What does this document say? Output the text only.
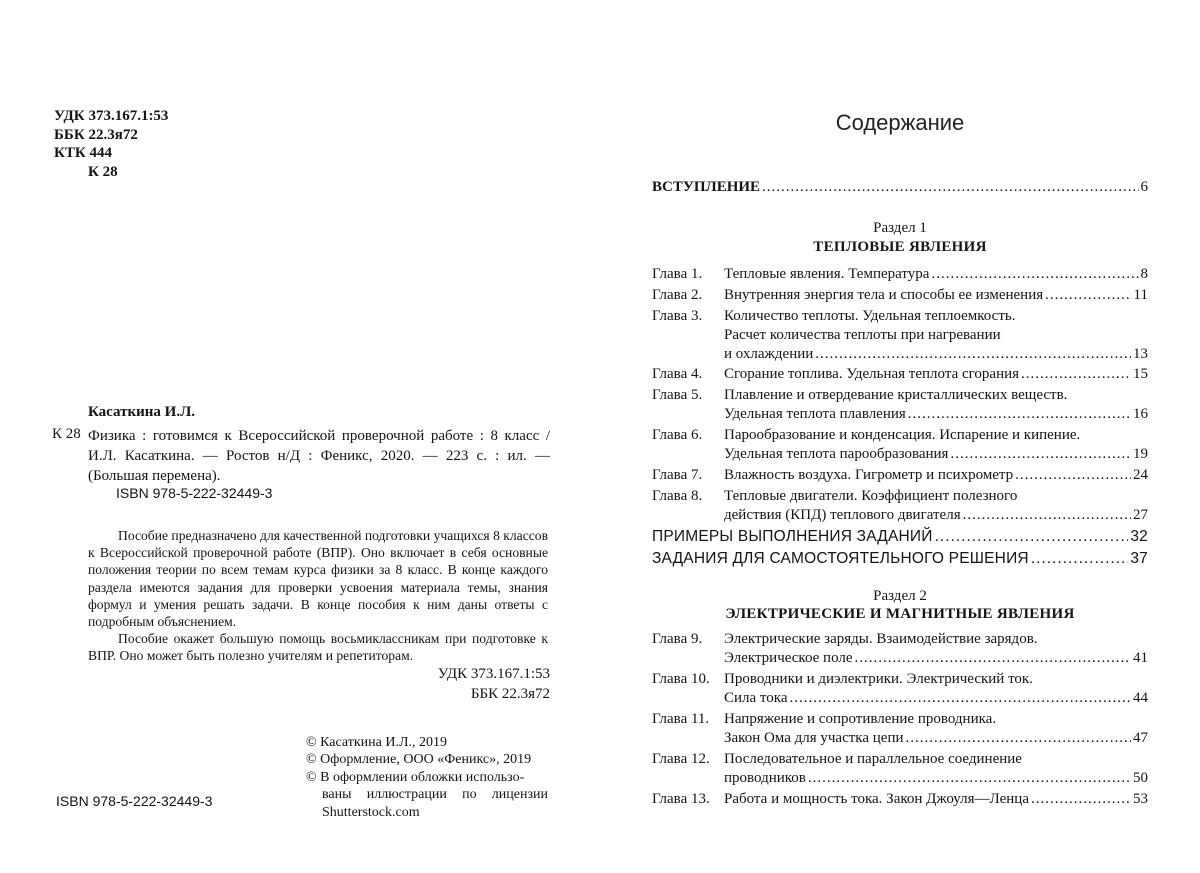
УДК 373.167.1:53
ББК 22.3я72
КТК 444
К 28
Касаткина И.Л.
К 28 Физика : готовимся к Всероссийской проверочной работе : 8 класс / И.Л. Касаткина. — Ростов н/Д : Феникс, 2020. — 223 с. : ил. — (Большая перемена).
ISBN 978-5-222-32449-3

Пособие предназначено для качественной подготовки учащихся 8 классов к Всероссийской проверочной работе (ВПР). Оно включает в себя основные положения теории по всем темам курса физики за 8 класс. В конце каждого раздела имеются задания для проверки усвоения материала темы, знания формул и умения решать задачи. В конце пособия к ним даны ответы с подробным объяснением.

Пособие окажет большую помощь восьмиклассникам при подготовке к ВПР. Оно может быть полезно учителям и репетиторам.

УДК 373.167.1:53
ББК 22.3я72
© Касаткина И.Л., 2019
© Оформление, ООО «Феникс», 2019
© В оформлении обложки использо-
ваны иллюстрации по лицензии
Shutterstock.com
ISBN 978-5-222-32449-3
Содержание
ВСТУПЛЕНИЕ .....	6
Раздел 1
ТЕПЛОВЫЕ ЯВЛЕНИЯ
Глава 1.	Тепловые явления. Температура .....	8
Глава 2.	Внутренняя энергия тела и способы ее изменения .....	11
Глава 3.	Количество теплоты. Удельная теплоемкость.
Расчет количества теплоты при нагревании
и охлаждении .....	13
Глава 4.	Сгорание топлива. Удельная теплота сгорания .....	15
Глава 5.	Плавление и отвердевание кристаллических веществ.
Удельная теплота плавления .....	16
Глава 6.	Парообразование и конденсация. Испарение и кипение.
Удельная теплота парообразования .....	19
Глава 7.	Влажность воздуха. Гигрометр и психрометр .....	24
Глава 8.	Тепловые двигатели. Коэффициент полезного
действия (КПД) теплового двигателя .....	27
ПРИМЕРЫ ВЫПОЛНЕНИЯ ЗАДАНИЙ .....	32
ЗАДАНИЯ ДЛЯ САМОСТОЯТЕЛЬНОГО РЕШЕНИЯ .....	37
Раздел 2
ЭЛЕКТРИЧЕСКИЕ И МАГНИТНЫЕ ЯВЛЕНИЯ
Глава 9.	Электрические заряды. Взаимодействие зарядов.
Электрическое поле .....	41
Глава 10. Проводники и диэлектрики. Электрический ток.
Сила тока .....	44
Глава 11. Напряжение и сопротивление проводника.
Закон Ома для участка цепи .....	47
Глава 12. Последовательное и параллельное соединение
проводников .....	50
Глава 13. Работа и мощность тока. Закон Джоуля—Ленца .....	53
